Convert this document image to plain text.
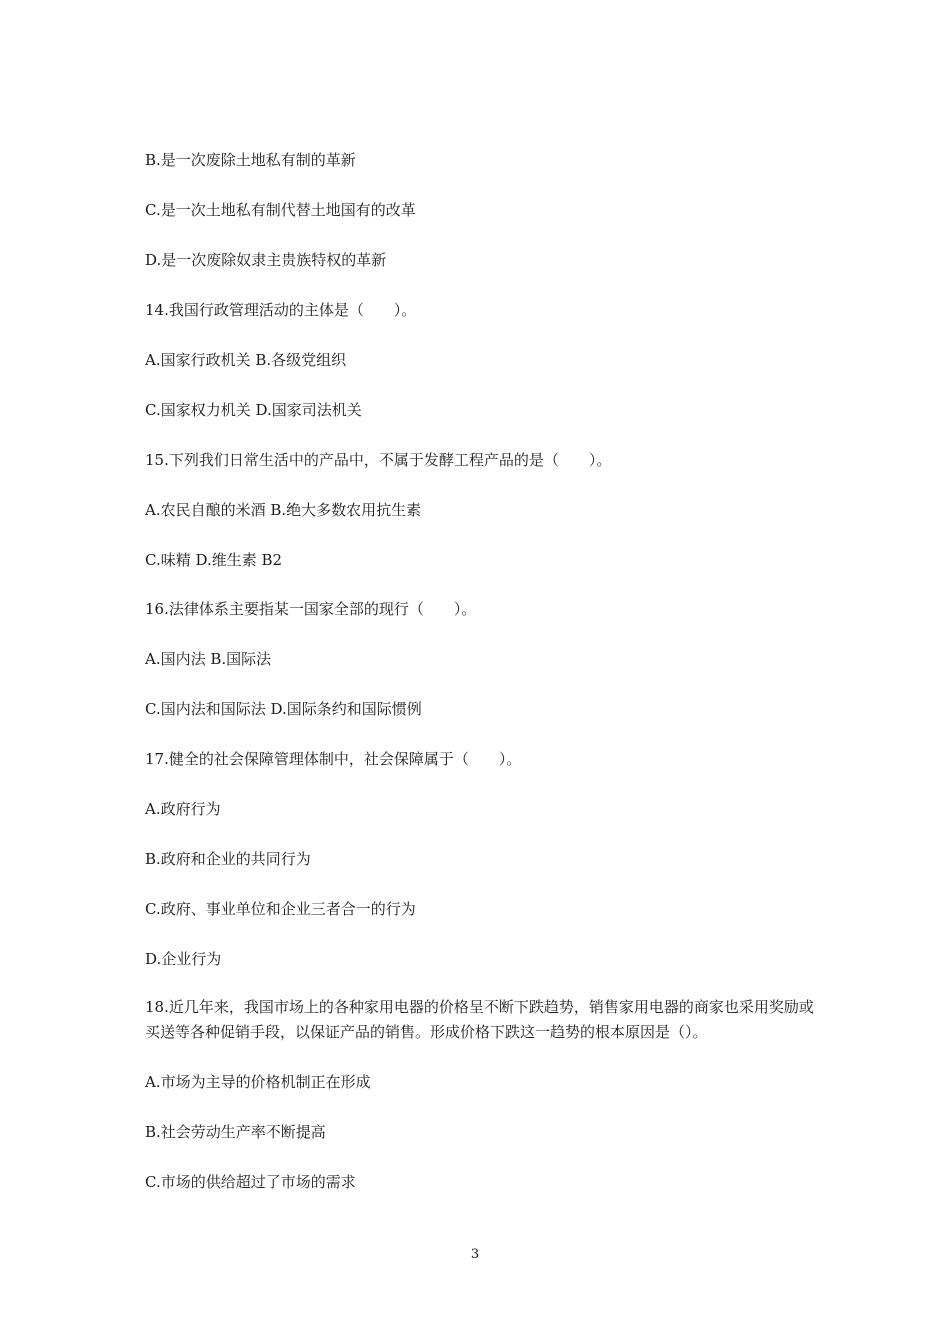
B.是一次废除土地私有制的革新
C.是一次土地私有制代替土地国有的改革
D.是一次废除奴隶主贵族特权的革新
14.我国行政管理活动的主体是（　　）。
A.国家行政机关 B.各级党组织
C.国家权力机关 D.国家司法机关
15.下列我们日常生活中的产品中，不属于发酵工程产品的是（　　）。
A.农民自酿的米酒 B.绝大多数农用抗生素
C.味精 D.维生素 B2
16.法律体系主要指某一国家全部的现行（　　）。
A.国内法 B.国际法
C.国内法和国际法 D.国际条约和国际惯例
17.健全的社会保障管理体制中，社会保障属于（　　）。
A.政府行为
B.政府和企业的共同行为
C.政府、事业单位和企业三者合一的行为
D.企业行为
18.近几年来，我国市场上的各种家用电器的价格呈不断下跌趋势，销售家用电器的商家也采用奖励或买送等各种促销手段，以保证产品的销售。形成价格下跌这一趋势的根本原因是（）。
A.市场为主导的价格机制正在形成
B.社会劳动生产率不断提高
C.市场的供给超过了市场的需求
3
